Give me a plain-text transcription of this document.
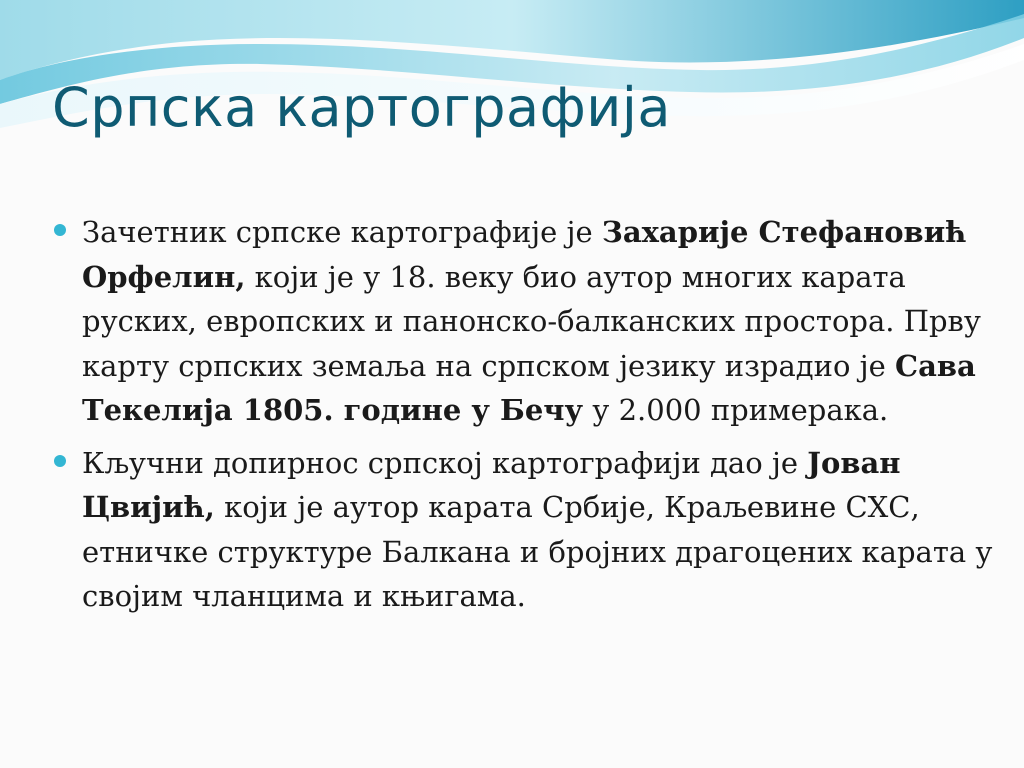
Српска картографија
Зачетник српске картографије је Захарије Стефановић Орфелин, који је у 18. веку био аутор многих карата руских, европских и панонско-балканских простора. Прву карту српских земаља на српском језику израдио је Сава Текелија 1805. године у Бечу у 2.000 примерака.
Кључни допирнос српској картографији дао је Јован Цвијић, који је аутор карата Србије, Краљевине СХС, етничке структуре Балкана и бројних драгоцених карата у својим чланцима и књигама.
